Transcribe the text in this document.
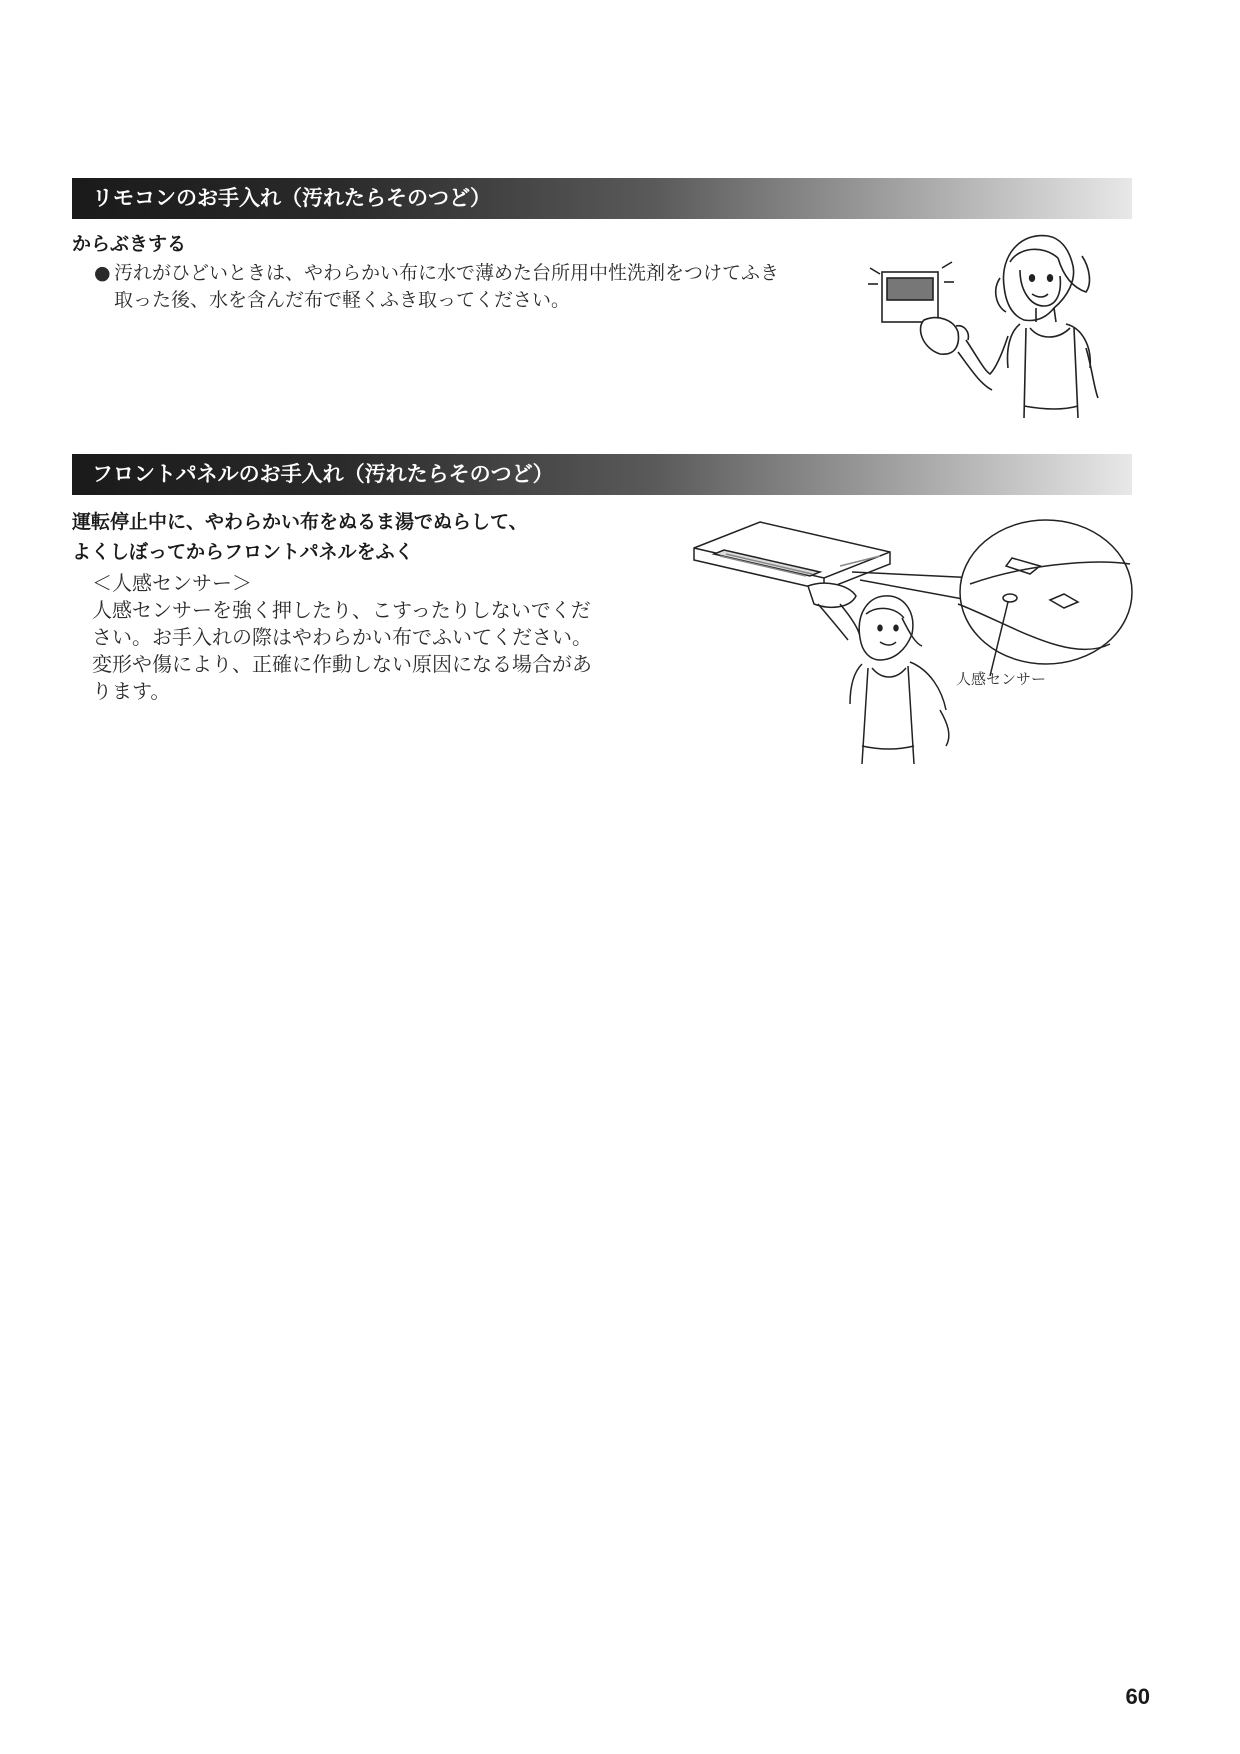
リモコンのお手入れ（汚れたらそのつど）
からぶきする
● 汚れがひどいときは、やわらかい布に水で薄めた台所用中性洗剤をつけてふき
取った後、水を含んだ布で軽くふき取ってください。
フロントパネルのお手入れ（汚れたらそのつど）
運転停止中に、やわらかい布をぬるま湯でぬらして、
よくしぼってからフロントパネルをふく
＜人感センサー＞
人感センサーを強く押したり、こすったりしないでくだ
さい。お手入れの際はやわらかい布でふいてください。
変形や傷により、正確に作動しない原因になる場合があ
ります。	人感センサー
60
